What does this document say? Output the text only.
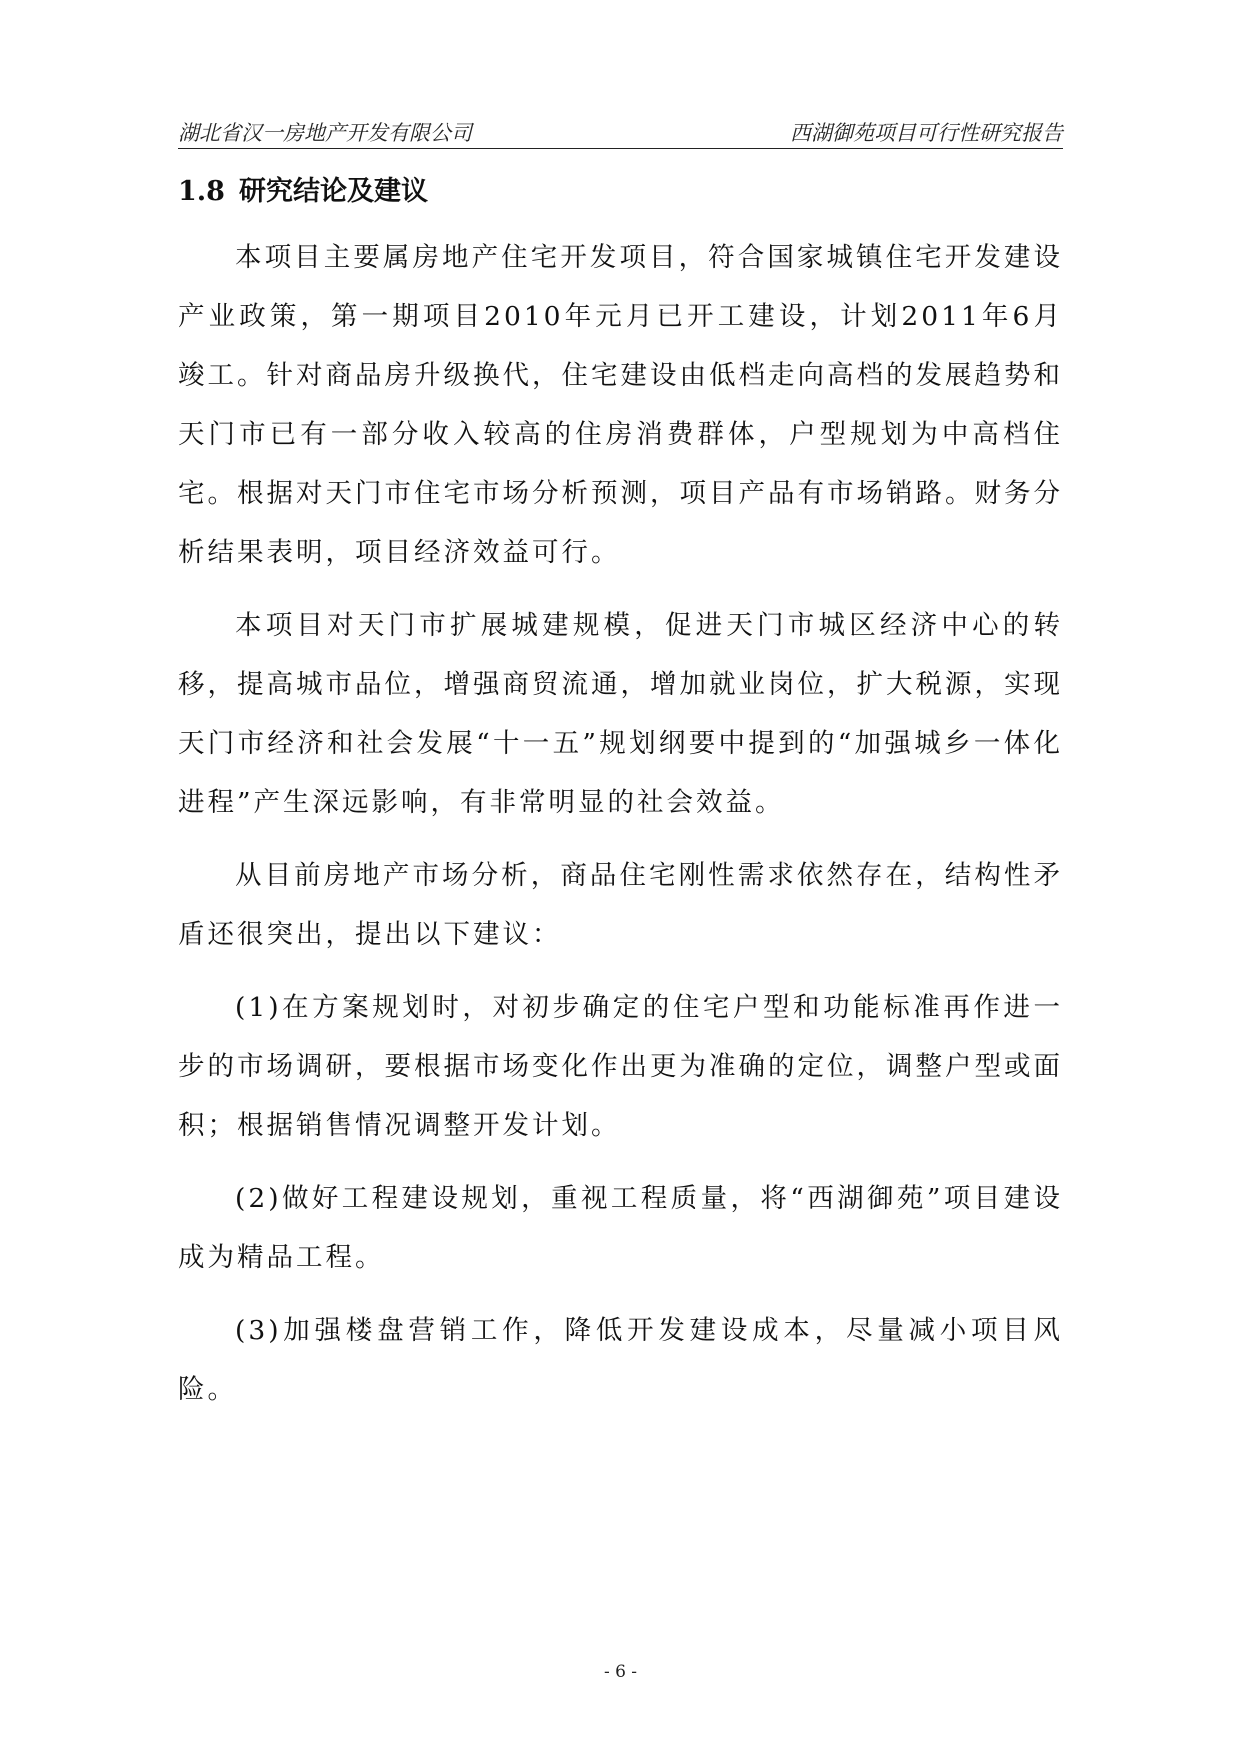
湖北省汉一房地产开发有限公司	西湖御苑项目可行性研究报告
1.8 研究结论及建议

本项目主要属房地产住宅开发项目，符合国家城镇住宅开发建设产业政策，第一期项目2010年元月已开工建设，计划2011年6月竣工。针对商品房升级换代，住宅建设由低档走向高档的发展趋势和天门市已有一部分收入较高的住房消费群体，户型规划为中高档住宅。根据对天门市住宅市场分析预测，项目产品有市场销路。财务分析结果表明，项目经济效益可行。

本项目对天门市扩展城建规模，促进天门市城区经济中心的转移，提高城市品位，增强商贸流通，增加就业岗位，扩大税源，实现天门市经济和社会发展“十一五”规划纲要中提到的“加强城乡一体化进程”产生深远影响，有非常明显的社会效益。

从目前房地产市场分析，商品住宅刚性需求依然存在，结构性矛盾还很突出，提出以下建议：

(1)在方案规划时，对初步确定的住宅户型和功能标准再作进一步的市场调研，要根据市场变化作出更为准确的定位，调整户型或面积；根据销售情况调整开发计划。

(2)做好工程建设规划，重视工程质量，将“西湖御苑”项目建设成为精品工程。

(3)加强楼盘营销工作，降低开发建设成本，尽量减小项目风险。

- 6 -
